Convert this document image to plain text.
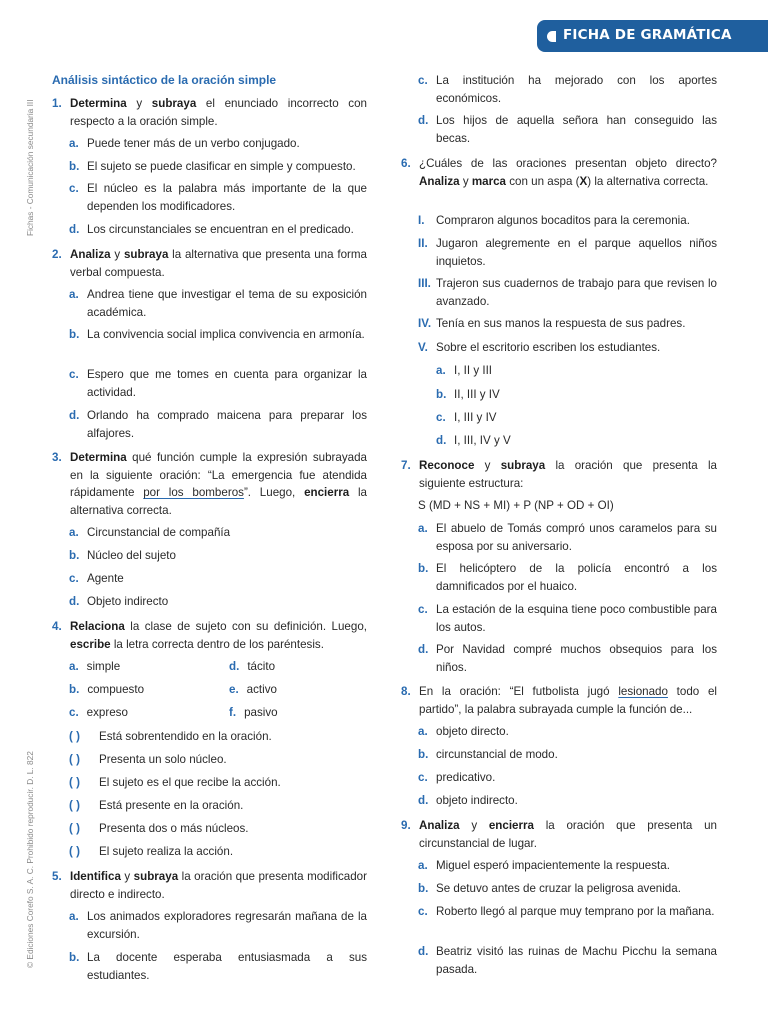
FICHA DE GRAMÁTICA
Fichas - Comunicación secundaria III
© Ediciones Corefo S. A. C. Prohibido reproducir. D. L. 822
Análisis sintáctico de la oración simple
1. Determina y subraya el enunciado incorrecto con respecto a la oración simple.
a. Puede tener más de un verbo conjugado.
b. El sujeto se puede clasificar en simple y compuesto.
c. El núcleo es la palabra más importante de la que dependen los modificadores.
d. Los circunstanciales se encuentran en el predicado.
2. Analiza y subraya la alternativa que presenta una forma verbal compuesta.
a. Andrea tiene que investigar el tema de su exposición académica.
b. La convivencia social implica convivencia en armonía.
c. Espero que me tomes en cuenta para organizar la actividad.
d. Orlando ha comprado maicena para preparar los alfajores.
3. Determina qué función cumple la expresión subrayada en la siguiente oración: “La emergencia fue atendida rápidamente por los bomberos”. Luego, encierra la alternativa correcta.
a. Circunstancial de compañía
b. Núcleo del sujeto
c. Agente
d. Objeto indirecto
4. Relaciona la clase de sujeto con su definición. Luego, escribe la letra correcta dentro de los paréntesis.
a. simple	d. tácito
b. compuesto	e. activo
c. expreso	f. pasivo
( ) Está sobrentendido en la oración.
( ) Presenta un solo núcleo.
( ) El sujeto es el que recibe la acción.
( ) Está presente en la oración.
( ) Presenta dos o más núcleos.
( ) El sujeto realiza la acción.
5. Identifica y subraya la oración que presenta modificador directo e indirecto.
a. Los animados exploradores regresarán mañana de la excursión.
b. La docente esperaba entusiasmada a sus estudiantes.
c. La institución ha mejorado con los aportes económicos.
d. Los hijos de aquella señora han conseguido las becas.
6. ¿Cuáles de las oraciones presentan objeto directo? Analiza y marca con un aspa (X) la alternativa correcta.
I. Compraron algunos bocaditos para la ceremonia.
II. Jugaron alegremente en el parque aquellos niños inquietos.
III. Trajeron sus cuadernos de trabajo para que revisen lo avanzado.
IV. Tenía en sus manos la respuesta de sus padres.
V. Sobre el escritorio escriben los estudiantes.
a. I, II y III
b. II, III y IV
c. I, III y IV
d. I, III, IV y V
7. Reconoce y subraya la oración que presenta la siguiente estructura:
S (MD + NS + MI) + P (NP + OD + OI)
a. El abuelo de Tomás compró unos caramelos para su esposa por su aniversario.
b. El helicóptero de la policía encontró a los damnificados por el huaico.
c. La estación de la esquina tiene poco combustible para los autos.
d. Por Navidad compré muchos obsequios para los niños.
8. En la oración: “El futbolista jugó lesionado todo el partido”, la palabra subrayada cumple la función de...
a. objeto directo.
b. circunstancial de modo.
c. predicativo.
d. objeto indirecto.
9. Analiza y encierra la oración que presenta un circunstancial de lugar.
a. Miguel esperó impacientemente la respuesta.
b. Se detuvo antes de cruzar la peligrosa avenida.
c. Roberto llegó al parque muy temprano por la mañana.
d. Beatriz visitó las ruinas de Machu Picchu la semana pasada.
